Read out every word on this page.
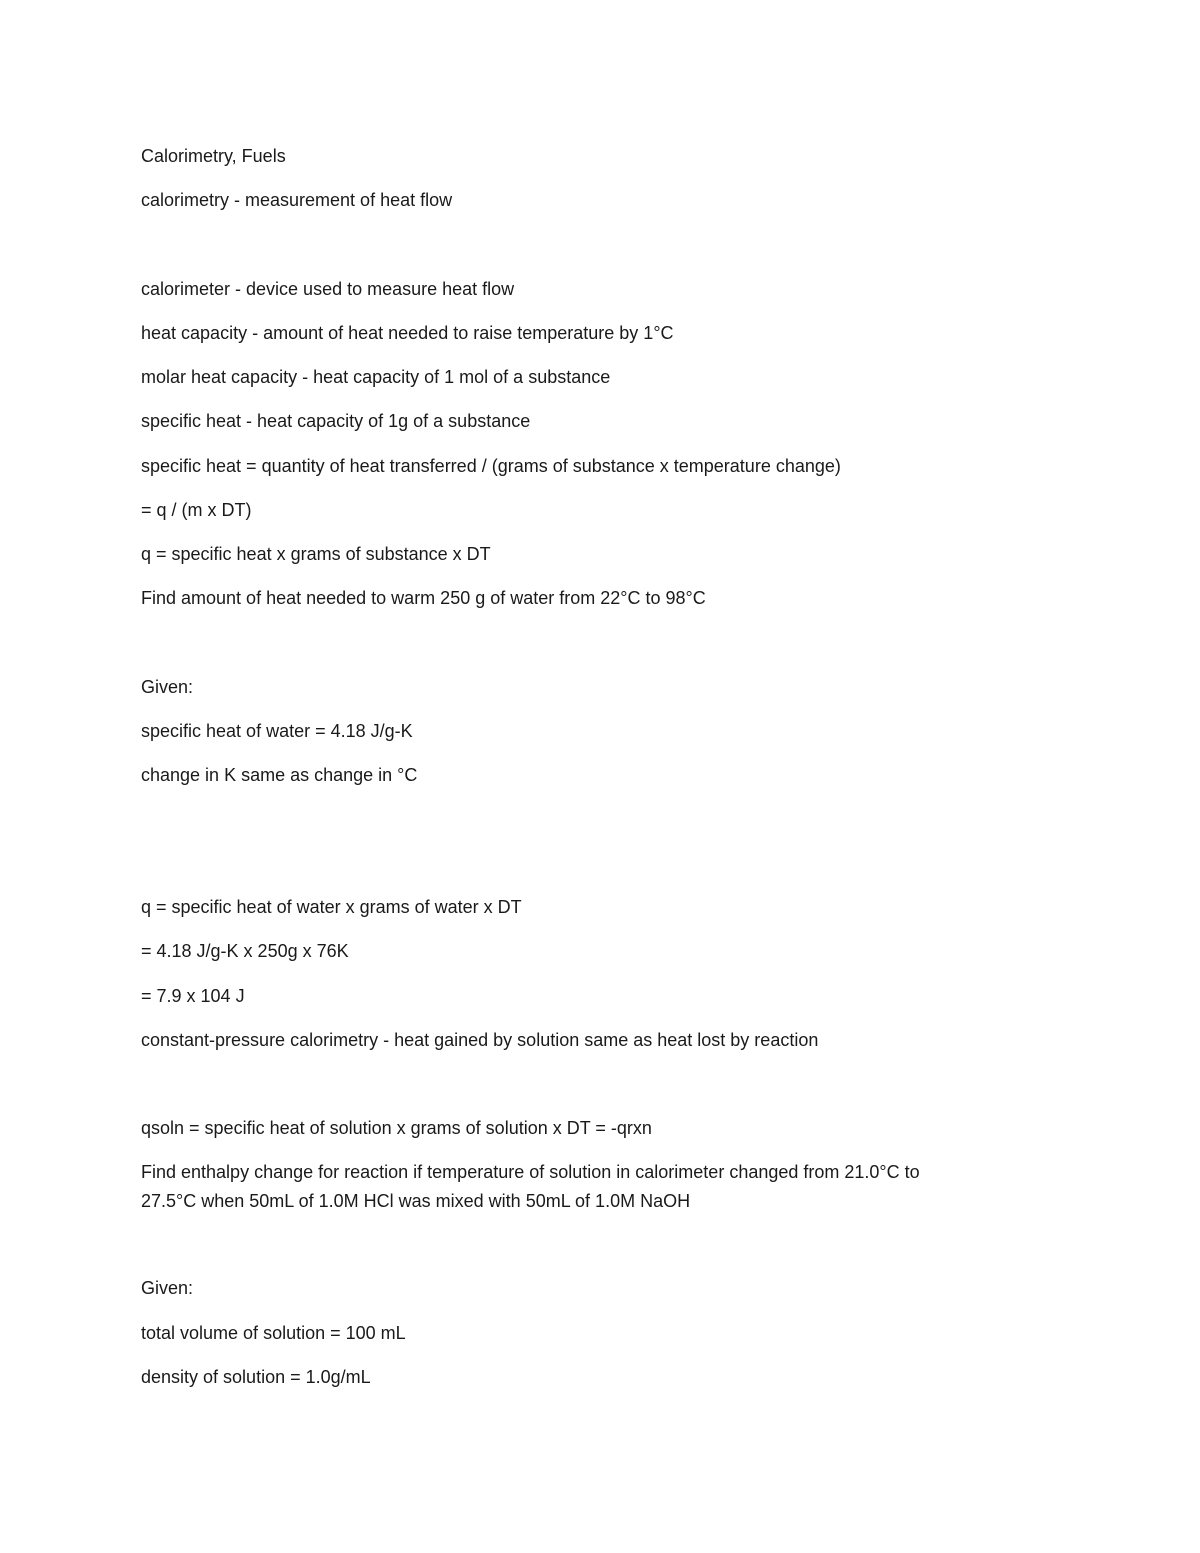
Calorimetry, Fuels
calorimetry - measurement of heat flow
calorimeter - device used to measure heat flow
heat capacity - amount of heat needed to raise temperature by 1°C
molar heat capacity - heat capacity of 1 mol of a substance
specific heat - heat capacity of 1g of a substance
specific heat = quantity of heat transferred / (grams of substance x temperature change)
= q / (m x DT)
q = specific heat x grams of substance x DT
Find amount of heat needed to warm 250 g of water from 22°C to 98°C
Given:
specific heat of water = 4.18 J/g-K
change in K same as change in °C
q = specific heat of water x grams of water x DT
= 4.18 J/g-K x 250g x 76K
= 7.9 x 104 J
constant-pressure calorimetry - heat gained by solution same as heat lost by reaction
qsoln = specific heat of solution x grams of solution x DT = -qrxn
Find enthalpy change for reaction if temperature of solution in calorimeter changed from 21.0°C to
27.5°C when 50mL of 1.0M HCl was mixed with 50mL of 1.0M NaOH
Given:
total volume of solution = 100 mL
density of solution = 1.0g/mL
